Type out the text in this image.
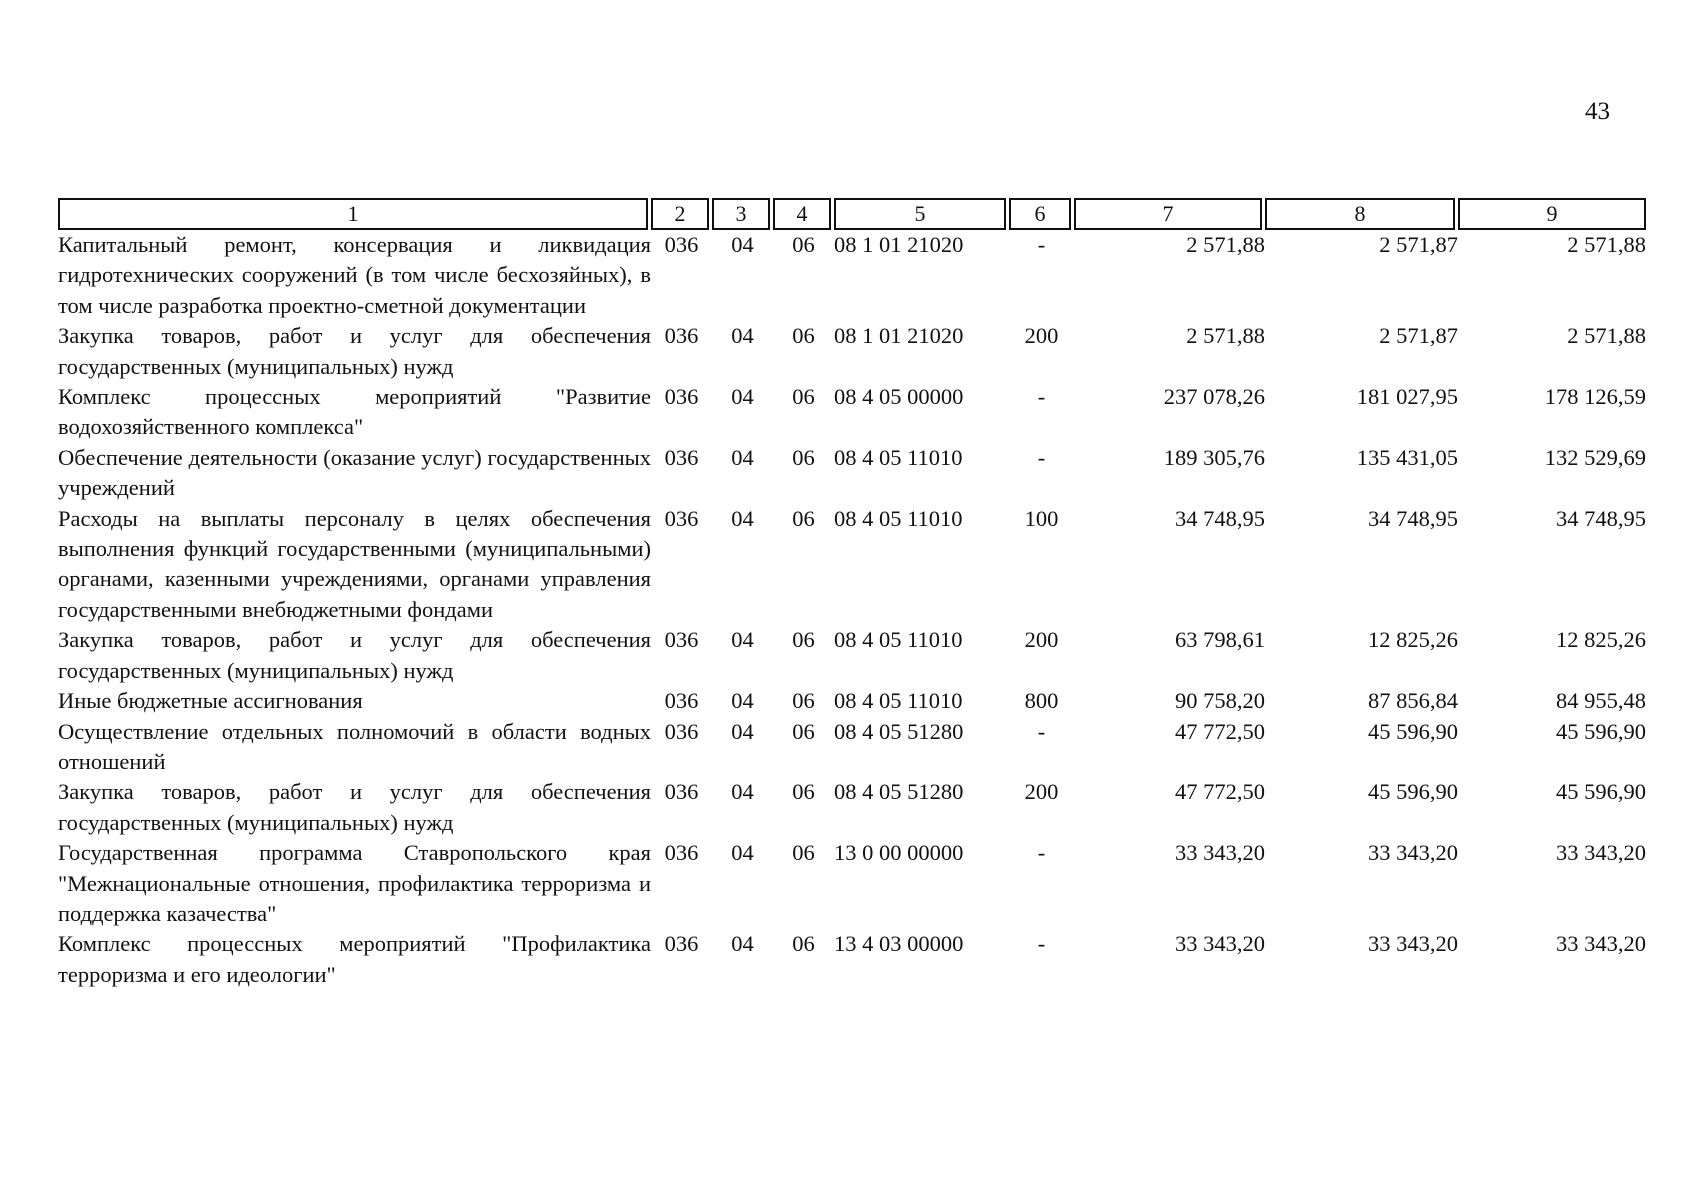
43
1	2	3	4	5	6	7	8	9
Капитальный ремонт, консервация и ликвидация гидротехнических сооружений (в том числе бесхозяйных), в том числе разработка проектно-сметной документации	036	04	06	08 1 01 21020	-	2 571,88	2 571,87	2 571,88
Закупка товаров, работ и услуг для обеспечения государственных (муниципальных) нужд	036	04	06	08 1 01 21020	200	2 571,88	2 571,87	2 571,88
Комплекс процессных мероприятий "Развитие водохозяйственного комплекса"	036	04	06	08 4 05 00000	-	237 078,26	181 027,95	178 126,59
Обеспечение деятельности (оказание услуг) государственных учреждений	036	04	06	08 4 05 11010	-	189 305,76	135 431,05	132 529,69
Расходы на выплаты персоналу в целях обеспечения выполнения функций государственными (муниципальными) органами, казенными учреждениями, органами управления государственными внебюджетными фондами	036	04	06	08 4 05 11010	100	34 748,95	34 748,95	34 748,95
Закупка товаров, работ и услуг для обеспечения государственных (муниципальных) нужд	036	04	06	08 4 05 11010	200	63 798,61	12 825,26	12 825,26
Иные бюджетные ассигнования	036	04	06	08 4 05 11010	800	90 758,20	87 856,84	84 955,48
Осуществление отдельных полномочий в области водных отношений	036	04	06	08 4 05 51280	-	47 772,50	45 596,90	45 596,90
Закупка товаров, работ и услуг для обеспечения государственных (муниципальных) нужд	036	04	06	08 4 05 51280	200	47 772,50	45 596,90	45 596,90
Государственная программа Ставропольского края "Межнациональные отношения, профилактика терроризма и поддержка казачества"	036	04	06	13 0 00 00000	-	33 343,20	33 343,20	33 343,20
Комплекс процессных мероприятий "Профилактика терроризма и его идеологии"	036	04	06	13 4 03 00000	-	33 343,20	33 343,20	33 343,20
